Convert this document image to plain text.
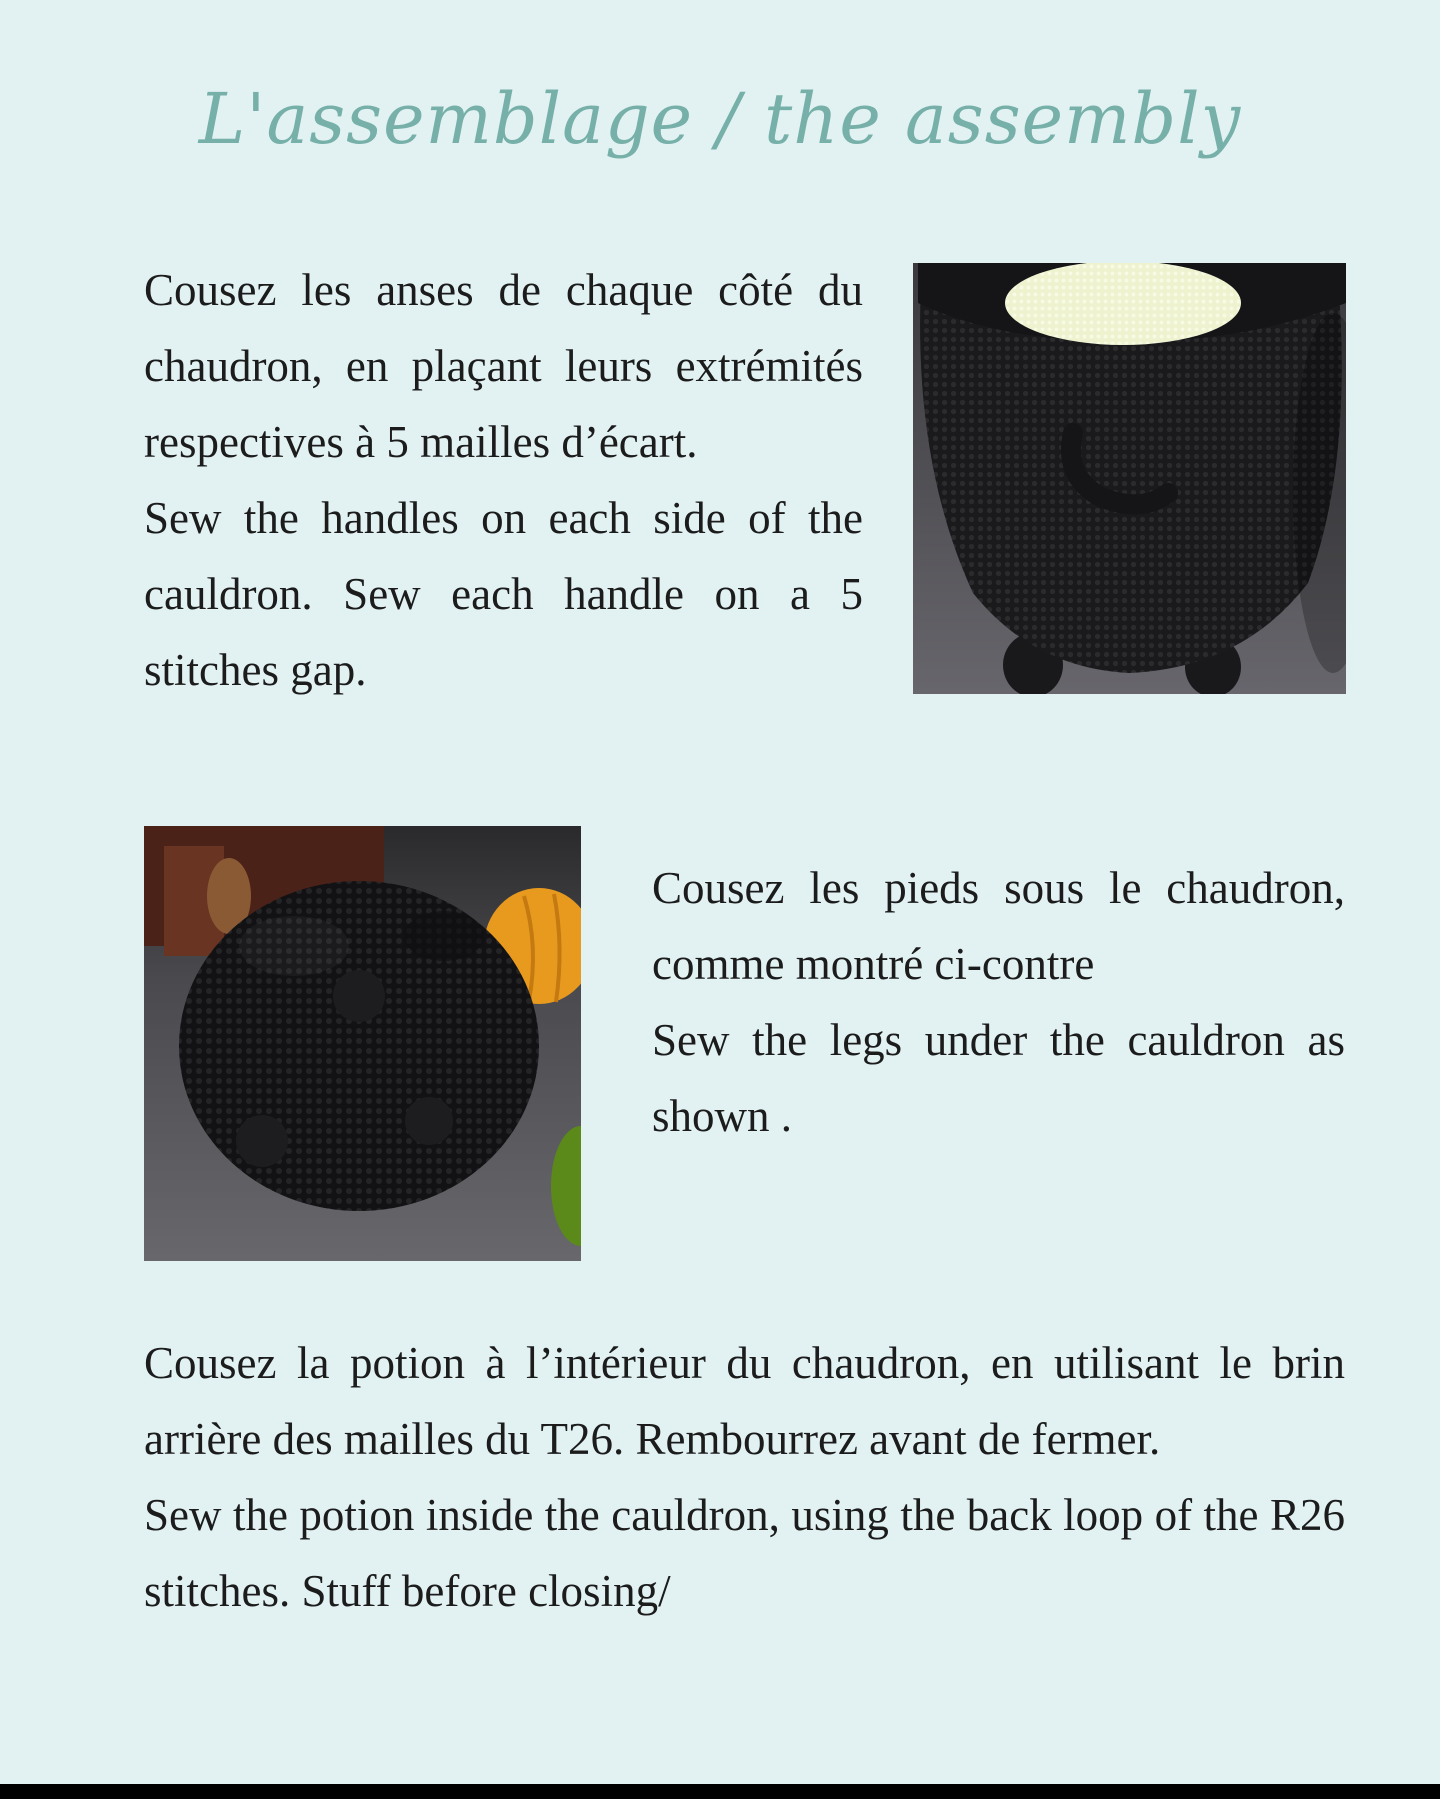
L'assemblage / the assembly

Cousez les anses de chaque côté du chaudron, en plaçant leurs extrémités respectives à 5 mailles d’écart.
Sew the handles on each side of the cauldron. Sew each handle on a 5 stitches gap.

Cousez les pieds sous le chaudron, comme montré ci-contre
Sew the legs under the cauldron as shown .

Cousez la potion à l’intérieur du chaudron, en utilisant le brin arrière des mailles du T26. Rembourrez avant de fermer.
Sew the potion inside the cauldron, using the back loop of the R26 stitches. Stuff before closing/
